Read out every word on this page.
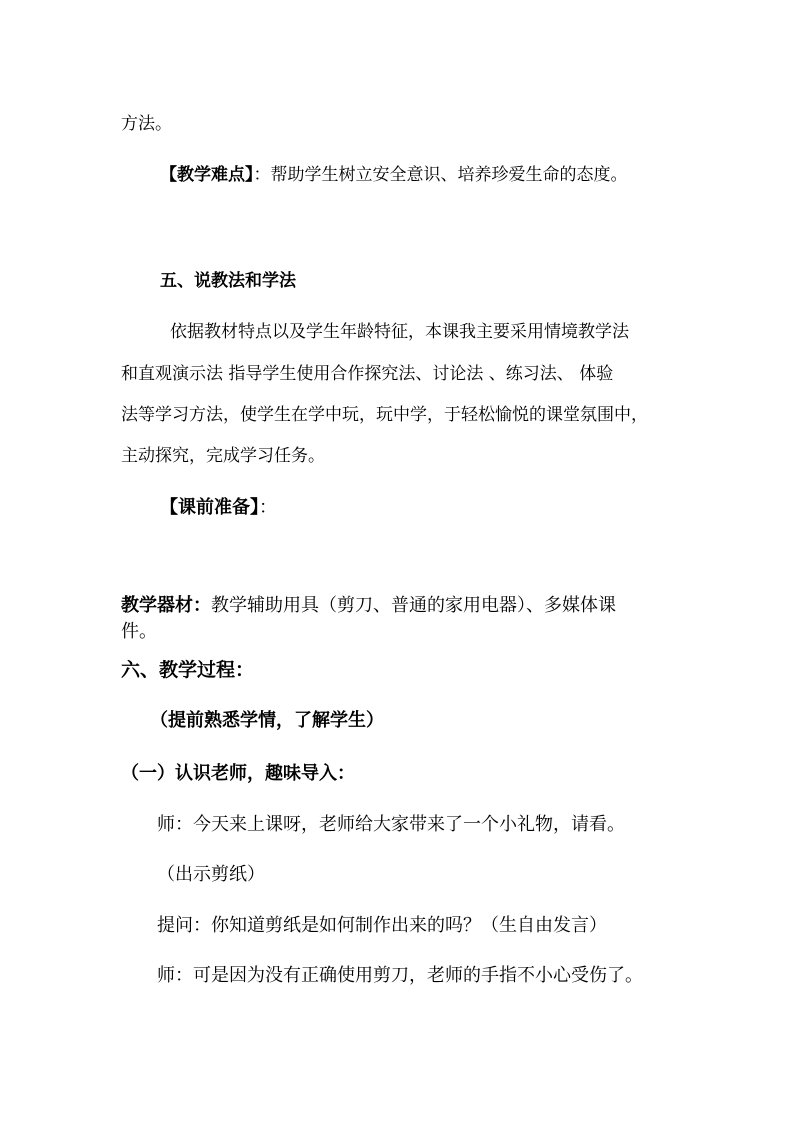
方法。
【教学难点】：帮助学生树立安全意识、培养珍爱生命的态度。
五、说教法和学法
依据教材特点以及学生年龄特征，本课我主要采用情境教学法
和直观演示法 指导学生使用合作探究法、讨论法 、练习法、 体验
法等学习方法，使学生在学中玩，玩中学，于轻松愉悦的课堂氛围中，
主动探究，完成学习任务。
【课前准备】：
教学器材：教学辅助用具（剪刀、普通的家用电器）、多媒体课
件。
六、教学过程：
（提前熟悉学情，了解学生）
（一）认识老师，趣味导入：
师：今天来上课呀，老师给大家带来了一个小礼物，请看。
（出示剪纸）
提问：你知道剪纸是如何制作出来的吗？（生自由发言）
师：可是因为没有正确使用剪刀，老师的手指不小心受伤了。
